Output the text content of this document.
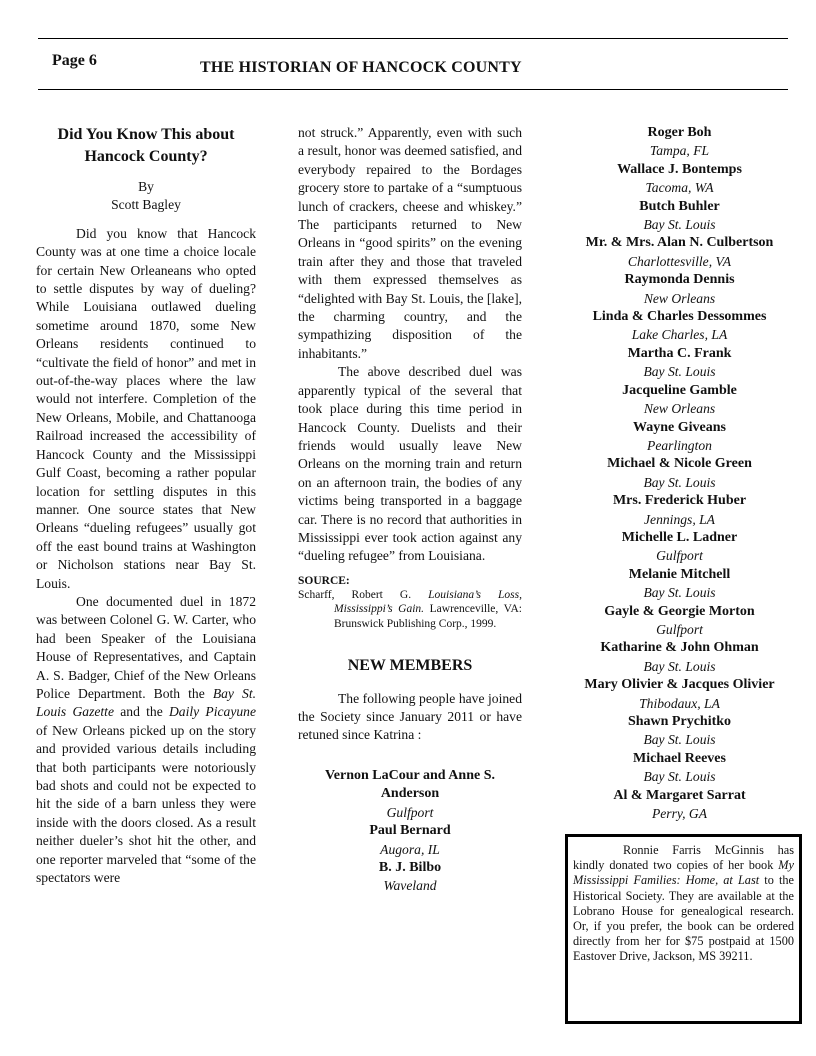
Page 6	THE HISTORIAN OF HANCOCK COUNTY
Did You Know This about
Hancock County?
By
Scott Bagley

Did you know that Hancock County was at one time a choice locale for certain New Orleaneans who opted to settle disputes by way of dueling? While Louisiana outlawed dueling sometime around 1870, some New Orleans residents continued to “cultivate the field of honor” and met in out-of-the-way places where the law would not interfere. Completion of the New Orleans, Mobile, and Chattanooga Railroad increased the accessibility of Hancock County and the Mississippi Gulf Coast, becoming a rather popular location for settling disputes in this manner. One source states that New Orleans “dueling refugees” usually got off the east bound trains at Washington or Nicholson stations near Bay St. Louis.

One documented duel in 1872 was between Colonel G. W. Carter, who had been Speaker of the Louisiana House of Representatives, and Captain A. S. Badger, Chief of the New Orleans Police Department. Both the Bay St. Louis Gazette and the Daily Picayune of New Orleans picked up on the story and provided various details including that both participants were notoriously bad shots and could not be expected to hit the side of a barn unless they were inside with the doors closed. As a result neither dueler’s shot hit the other, and one reporter marveled that “some of the spectators were

not struck.” Apparently, even with such a result, honor was deemed satisfied, and everybody repaired to the Bordages grocery store to partake of a “sumptuous lunch of crackers, cheese and whiskey.” The participants returned to New Orleans in “good spirits” on the evening train after they and those that traveled with them expressed themselves as “delighted with Bay St. Louis, the [lake], the charming country, and the sympathizing disposition of the inhabitants.”

The above described duel was apparently typical of the several that took place during this time period in Hancock County. Duelists and their friends would usually leave New Orleans on the morning train and return on an afternoon train, the bodies of any victims being transported in a baggage car. There is no record that authorities in Mississippi ever took action against any “dueling refugee” from Louisiana.

SOURCE:

Scharff, Robert G. Louisiana’s Loss, Mississippi’s Gain. Lawrenceville, VA: Brunswick Publishing Corp., 1999.

NEW MEMBERS

The following people have joined the Society since January 2011 or have retuned since Katrina :

Vernon LaCour and Anne S. Anderson
Gulfport
Paul Bernard
Augora, IL
B. J. Bilbo
Waveland
Roger Boh
Tampa, FL
Wallace J. Bontemps
Tacoma, WA
Butch Buhler
Bay St. Louis
Mr. & Mrs. Alan N. Culbertson
Charlottesville, VA
Raymonda Dennis
New Orleans
Linda & Charles Dessommes
Lake Charles, LA
Martha C. Frank
Bay St. Louis
Jacqueline Gamble
New Orleans
Wayne Giveans
Pearlington
Michael & Nicole Green
Bay St. Louis
Mrs. Frederick Huber
Jennings, LA
Michelle L. Ladner
Gulfport
Melanie Mitchell
Bay St. Louis
Gayle & Georgie Morton
Gulfport
Katharine & John Ohman
Bay St. Louis
Mary Olivier & Jacques Olivier
Thibodaux, LA
Shawn Prychitko
Bay St. Louis
Michael Reeves
Bay St. Louis
Al & Margaret Sarrat
Perry, GA

Ronnie Farris McGinnis has kindly donated two copies of her book My Mississippi Families: Home, at Last to the Historical Society. They are available at the Lobrano House for genealogical research. Or, if you prefer, the book can be ordered directly from her for $75 postpaid at 1500 Eastover Drive, Jackson, MS 39211.
